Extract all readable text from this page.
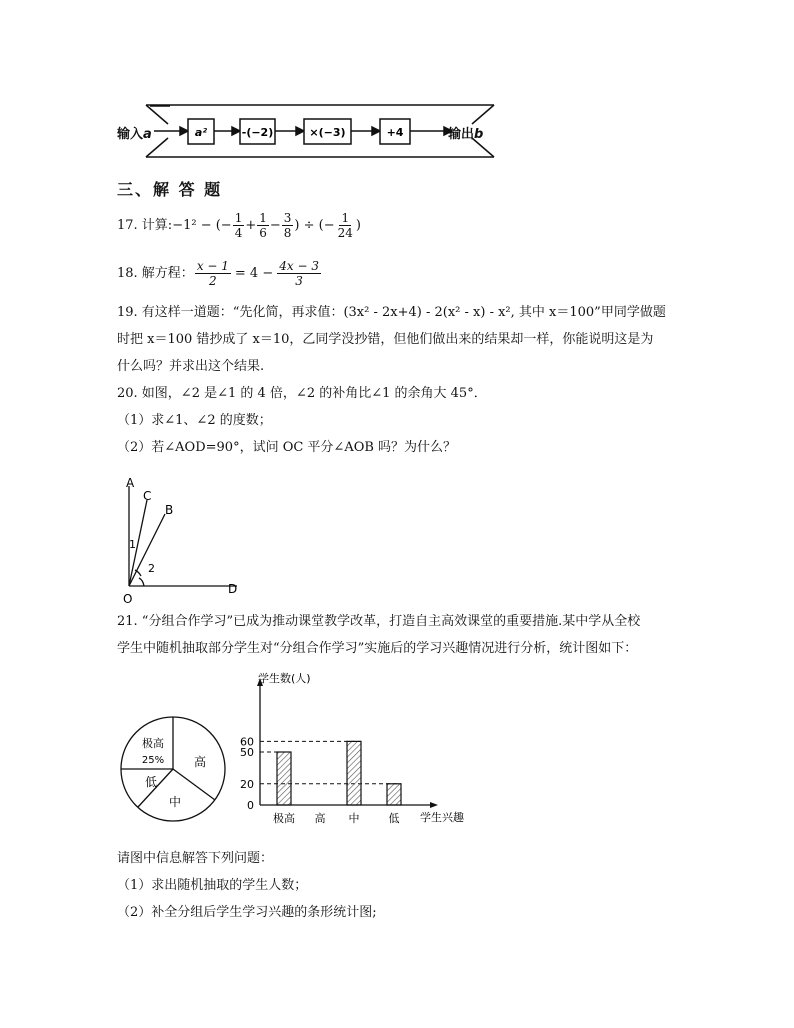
a²	-(−2)	×(−3)	+4
输入a	输出b
三、解 答 题
17. 计算: −1² − (− $\frac{1}{4} + \frac{1}{6} - \frac{3}{8}$ ) ÷ (− $\frac{1}{24}$ )
18. 解方程： $\frac{x - 1}{2} = 4 - \frac{4x - 3}{3}$
19. 有这样一道题：“先化简，再求值：(3x² - 2x+4) - 2(x² - x) - x², 其中 x＝100”甲同学做题
时把 x＝100 错抄成了 x＝10，乙同学没抄错，但他们做出来的结果却一样，你能说明这是为
什么吗？并求出这个结果.
20. 如图，∠2 是∠1 的 4 倍，∠2 的补角比∠1 的余角大 45°．
（1）求∠1、∠2 的度数；
（2）若∠AOD=90°，试问 OC 平分∠AOB 吗？为什么？
A
C
B
O
D
1
2
21. “分组合作学习”已成为推动课堂教学改革，打造自主高效课堂的重要措施.某中学从全校
学生中随机抽取部分学生对“分组合作学习”实施后的学习兴趣情况进行分析，统计图如下：
极高
25% 高
中
低
学生数(人)
学生兴趣
0
20
50
60
极高 高 中	低
请图中信息解答下列问题：
（1）求出随机抽取的学生人数；
（2）补全分组后学生学习兴趣的条形统计图;
